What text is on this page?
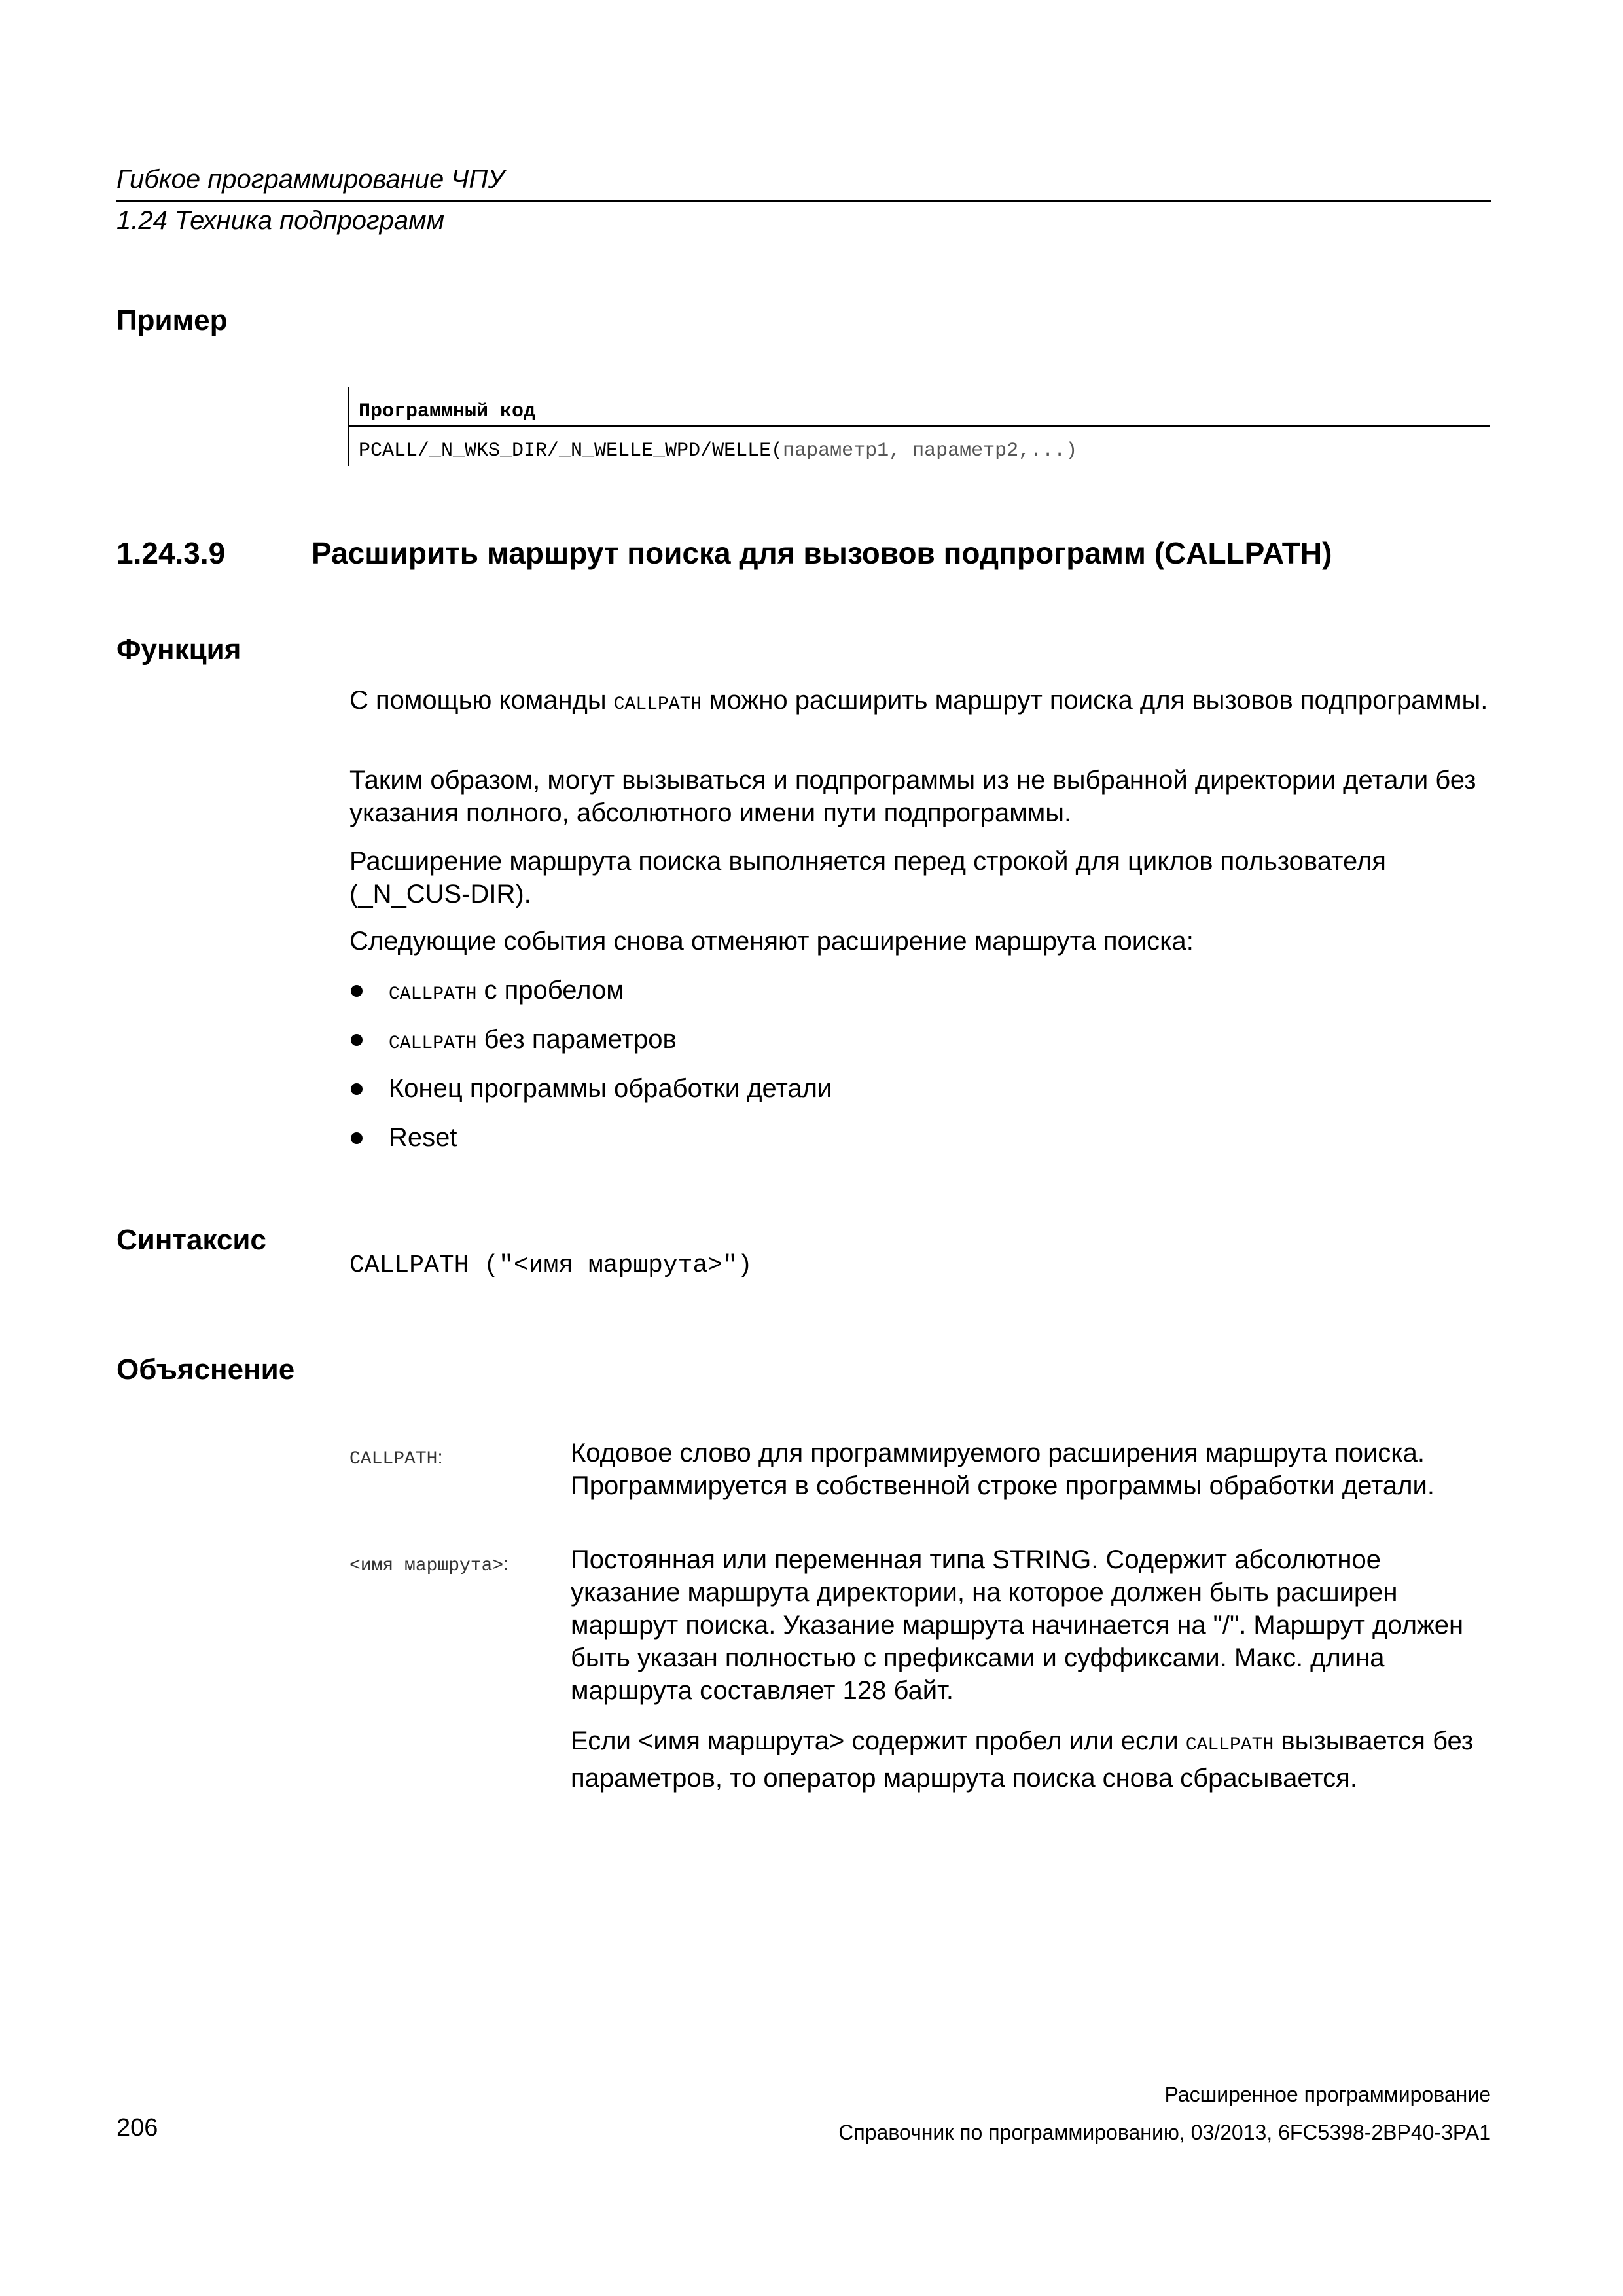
Гибкое программирование ЧПУ
1.24 Техника подпрограмм
Пример
Программный код
PCALL/_N_WKS_DIR/_N_WELLE_WPD/WELLE(параметр1, параметр2,...)
1.24.3.9	Расширить маршрут поиска для вызовов подпрограмм (CALLPATH)
Функция
С помощью команды CALLPATH можно расширить маршрут поиска для вызовов подпрограммы.
Таким образом, могут вызываться и подпрограммы из не выбранной директории детали без указания полного, абсолютного имени пути подпрограммы.
Расширение маршрута поиска выполняется перед строкой для циклов пользователя (_N_CUS-DIR).
Следующие события снова отменяют расширение маршрута поиска:
CALLPATH с пробелом
CALLPATH без параметров
Конец программы обработки детали
Reset
Синтаксис
CALLPATH ("<имя маршрута>")
Объяснение
CALLPATH:	Кодовое слово для программируемого расширения маршрута поиска. Программируется в собственной строке программы обработки детали.
<имя маршрута>: Постоянная или переменная типа STRING. Содержит абсолютное указание маршрута директории, на которое должен быть расширен маршрут поиска. Указание маршрута начинается на "/". Маршрут должен быть указан полностью с префиксами и суффиксами. Макс. длина маршрута составляет 128 байт.
Если <имя маршрута> содержит пробел или если CALLPATH вызывается без параметров, то оператор маршрута поиска снова сбрасывается.
Расширенное программирование
206	Справочник по программированию, 03/2013, 6FC5398-2BP40-3PA1
